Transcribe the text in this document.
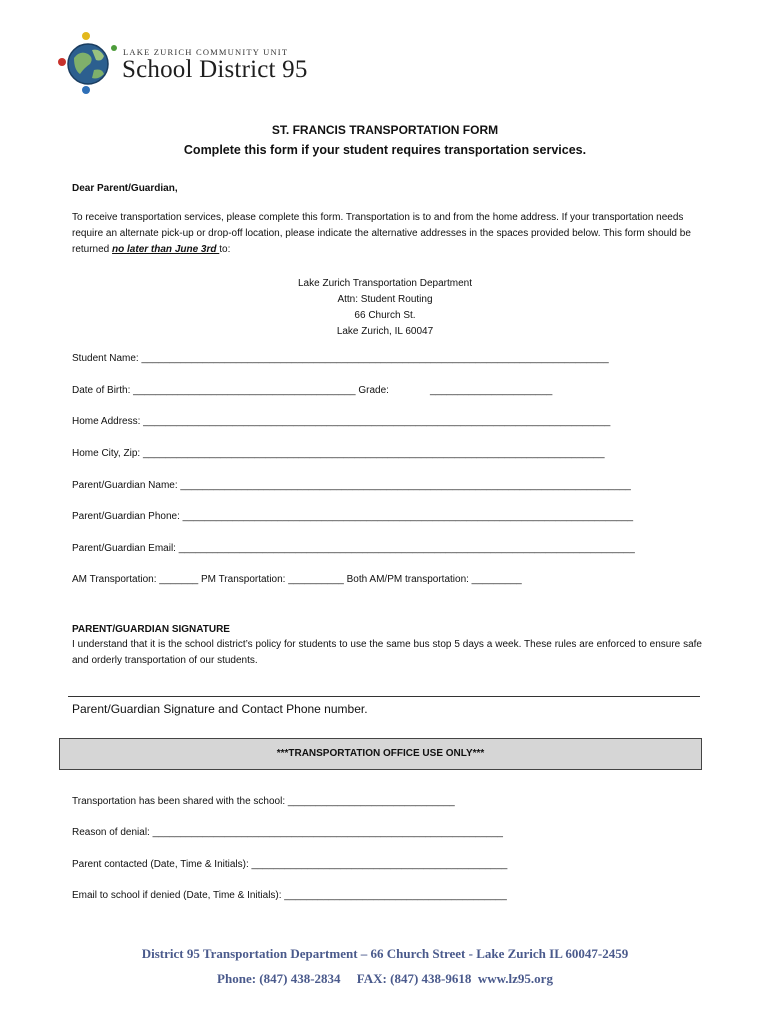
LAKE ZURICH COMMUNITY UNIT
School District 95
ST. FRANCIS TRANSPORTATION FORM
Complete this form if your student requires transportation services.
Dear Parent/Guardian,
To receive transportation services, please complete this form. Transportation is to and from the home address. If your transportation needs require an alternate pick-up or drop-off location, please indicate the alternative addresses in the spaces provided below. This form should be returned no later than June 3rd to:
Lake Zurich Transportation Department
Attn: Student Routing
66 Church St.
Lake Zurich, IL 60047
Student Name: ____________________________________________________________________________________
Date of Birth: ________________________________________ Grade:	______________________
Home Address: ____________________________________________________________________________________
Home City, Zip: ___________________________________________________________________________________
Parent/Guardian Name: _________________________________________________________________________________
Parent/Guardian Phone: _________________________________________________________________________________
Parent/Guardian Email: __________________________________________________________________________________
AM Transportation: _______ PM Transportation: __________ Both AM/PM transportation: _________
PARENT/GUARDIAN SIGNATURE
I understand that it is the school district’s policy for students to use the same bus stop 5 days a week. These rules are enforced to ensure safe and orderly transportation of our students.
Parent/Guardian Signature and Contact Phone number.
***TRANSPORTATION OFFICE USE ONLY***
Transportation has been shared with the school: ______________________________
Reason of denial: _______________________________________________________________
Parent contacted (Date, Time & Initials): ______________________________________________
Email to school if denied (Date, Time & Initials): ________________________________________
District 95 Transportation Department – 66 Church Street - Lake Zurich IL 60047-2459
Phone: (847) 438-2834     FAX: (847) 438-9618  www.lz95.org
